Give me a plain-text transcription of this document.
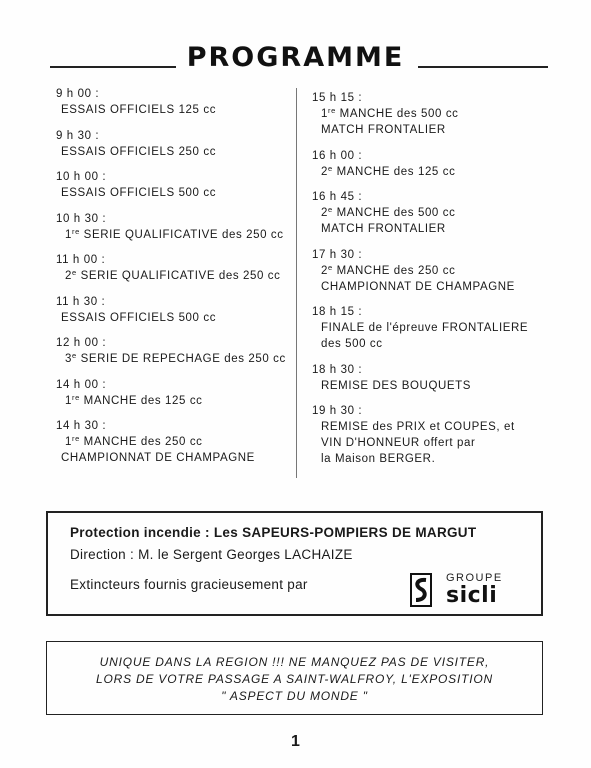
PROGRAMME
9 h 00 :
ESSAIS OFFICIELS 125 cc
9 h 30 :
ESSAIS OFFICIELS 250 cc
10 h 00 :
ESSAIS OFFICIELS 500 cc
10 h 30 :
1re SERIE QUALIFICATIVE des 250 cc
11 h 00 :
2e SERIE QUALIFICATIVE des 250 cc
11 h 30 :
ESSAIS OFFICIELS 500 cc
12 h 00 :
3e SERIE DE REPECHAGE des 250 cc
14 h 00 :
1re MANCHE des 125 cc
14 h 30 :
1re MANCHE des 250 cc
CHAMPIONNAT DE CHAMPAGNE
15 h 15 :
1re MANCHE des 500 cc
MATCH FRONTALIER
16 h 00 :
2e MANCHE des 125 cc
16 h 45 :
2e MANCHE des 500 cc
MATCH FRONTALIER
17 h 30 :
2e MANCHE des 250 cc
CHAMPIONNAT DE CHAMPAGNE
18 h 15 :
FINALE de l'épreuve FRONTALIERE
des 500 cc
18 h 30 :
REMISE DES BOUQUETS
19 h 30 :
REMISE des PRIX et COUPES, et
VIN D'HONNEUR offert par
la Maison BERGER.
Protection incendie : Les SAPEURS-POMPIERS DE MARGUT
Direction : M. le Sergent Georges LACHAIZE
Extincteurs fournis gracieusement par	GROUPE
sicli
UNIQUE DANS LA REGION !!! NE MANQUEZ PAS DE VISITER,
LORS DE VOTRE PASSAGE A SAINT-WALFROY, L'EXPOSITION
" ASPECT DU MONDE "
1
